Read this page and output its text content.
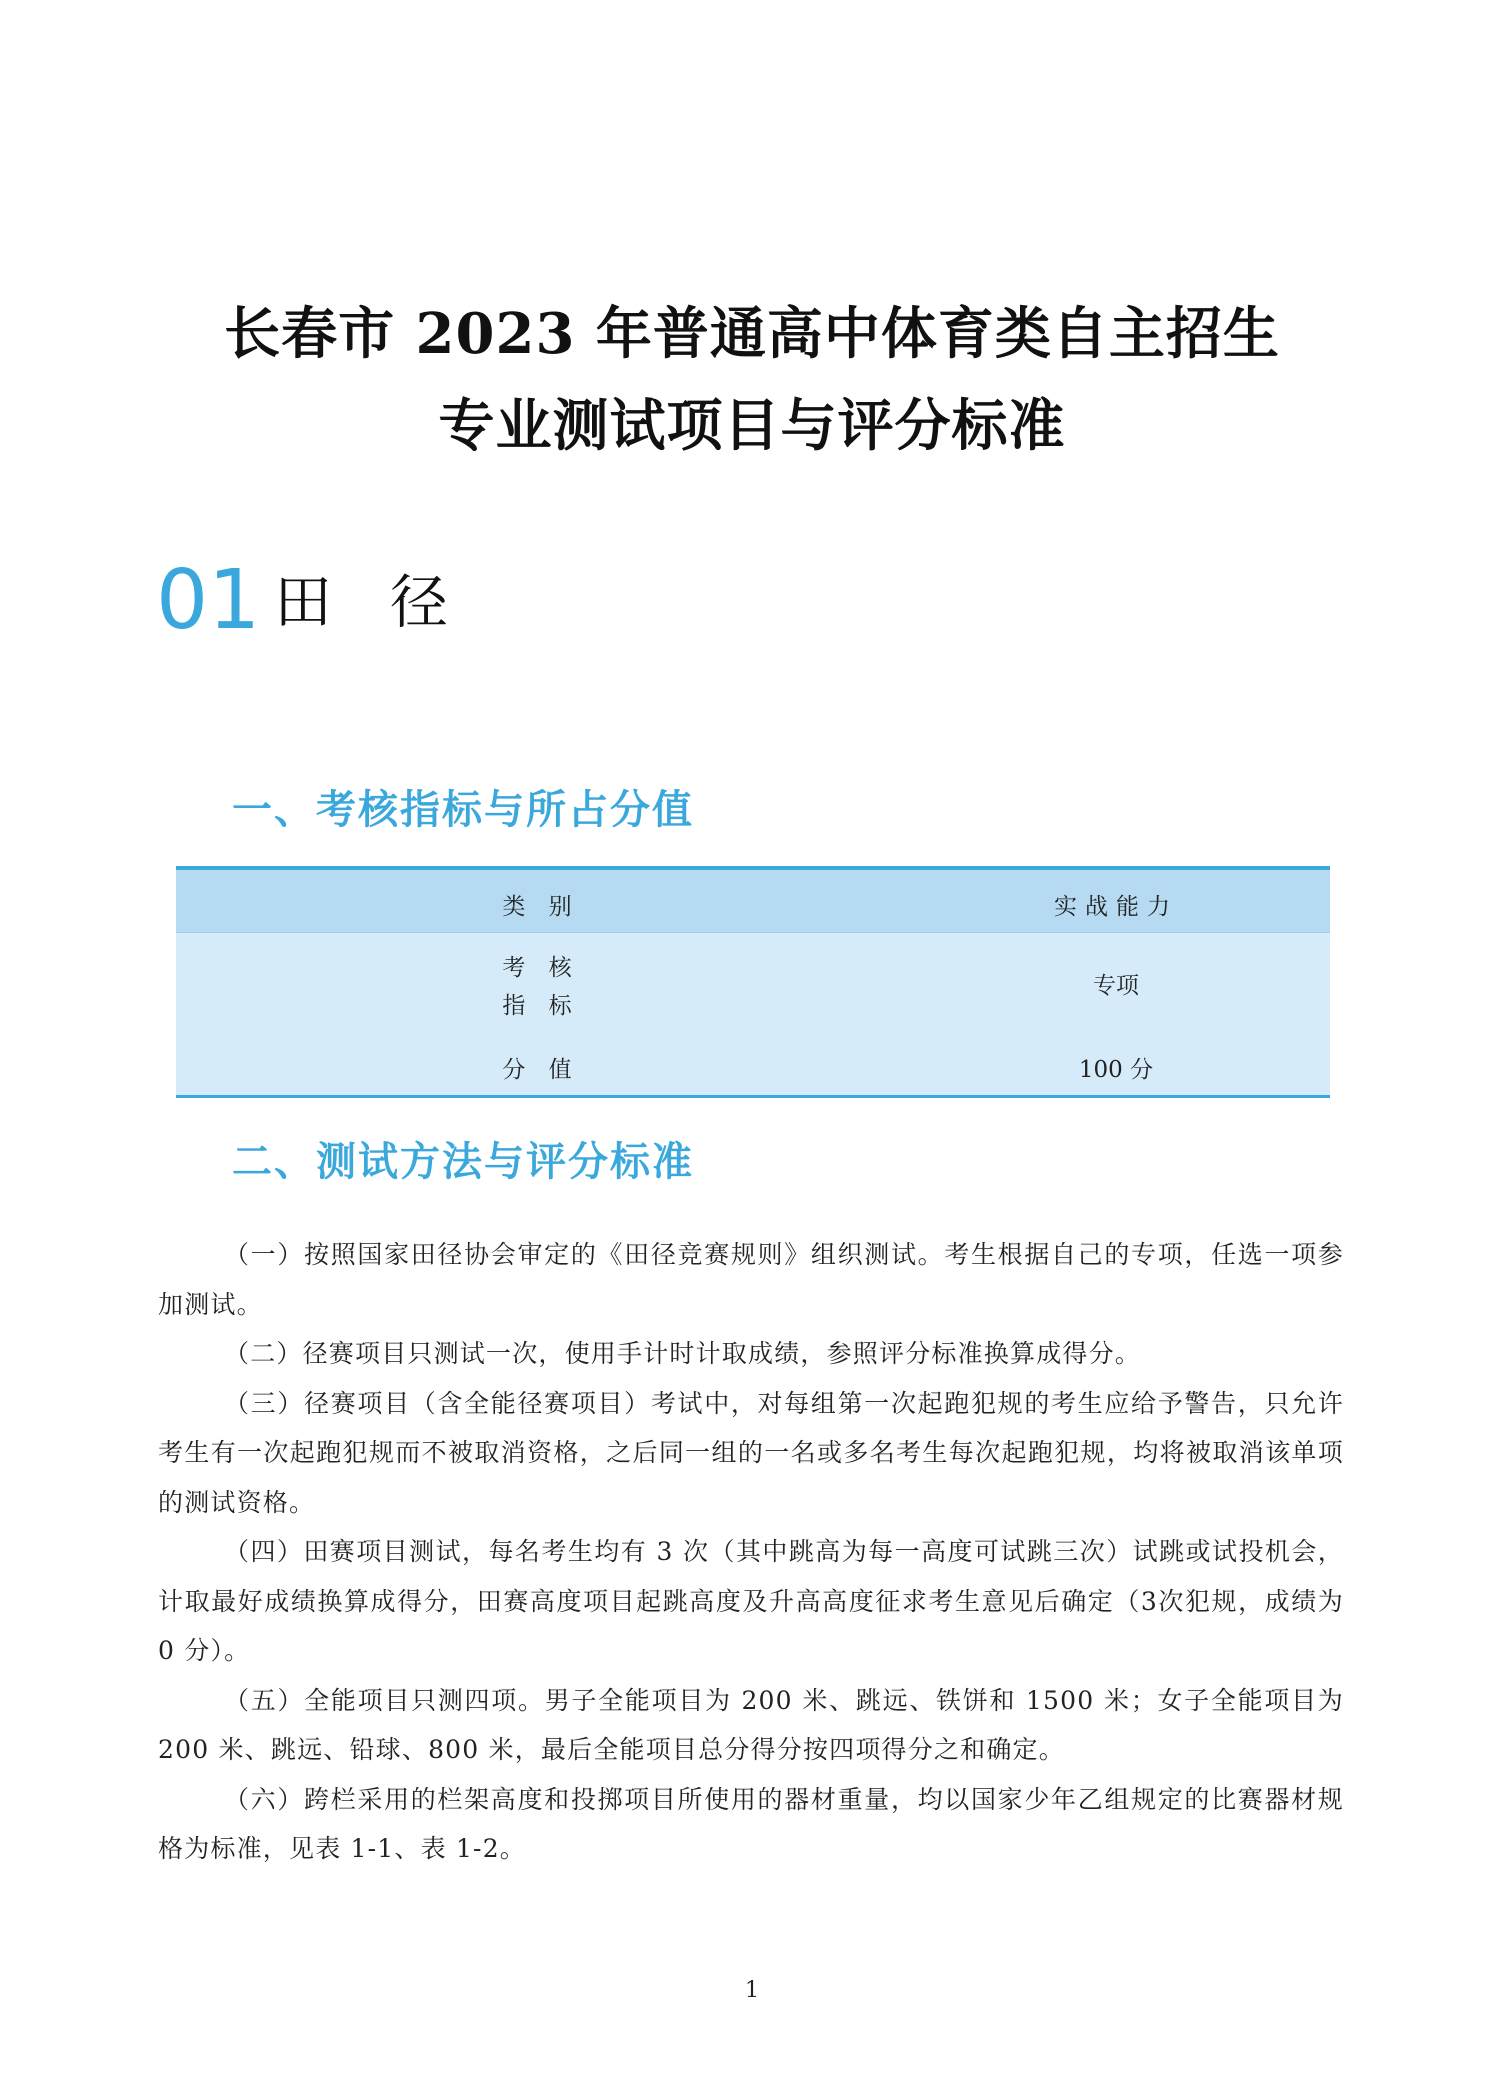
长春市 2023 年普通高中体育类自主招生
专业测试项目与评分标准
01 田径
一、考核指标与所占分值
类 别	实战能力
考 核
指 标
专项
分 值	100 分
二、测试方法与评分标准

（一）按照国家田径协会审定的《田径竞赛规则》组织测试。考生根据自己的专项，任选一项参加测试。

（二）径赛项目只测试一次，使用手计时计取成绩，参照评分标准换算成得分。

（三）径赛项目（含全能径赛项目）考试中，对每组第一次起跑犯规的考生应给予警告，只允许考生有一次起跑犯规而不被取消资格，之后同一组的一名或多名考生每次起跑犯规，均将被取消该单项的测试资格。

（四）田赛项目测试，每名考生均有 3 次（其中跳高为每一高度可试跳三次）试跳或试投机会，计取最好成绩换算成得分，田赛高度项目起跳高度及升高高度征求考生意见后确定（3次犯规，成绩为 0 分）。

（五）全能项目只测四项。男子全能项目为 200 米、跳远、铁饼和 1500 米；女子全能项目为 200 米、跳远、铅球、800 米，最后全能项目总分得分按四项得分之和确定。

（六）跨栏采用的栏架高度和投掷项目所使用的器材重量，均以国家少年乙组规定的比赛器材规格为标准，见表 1-1、表 1-2。

1
